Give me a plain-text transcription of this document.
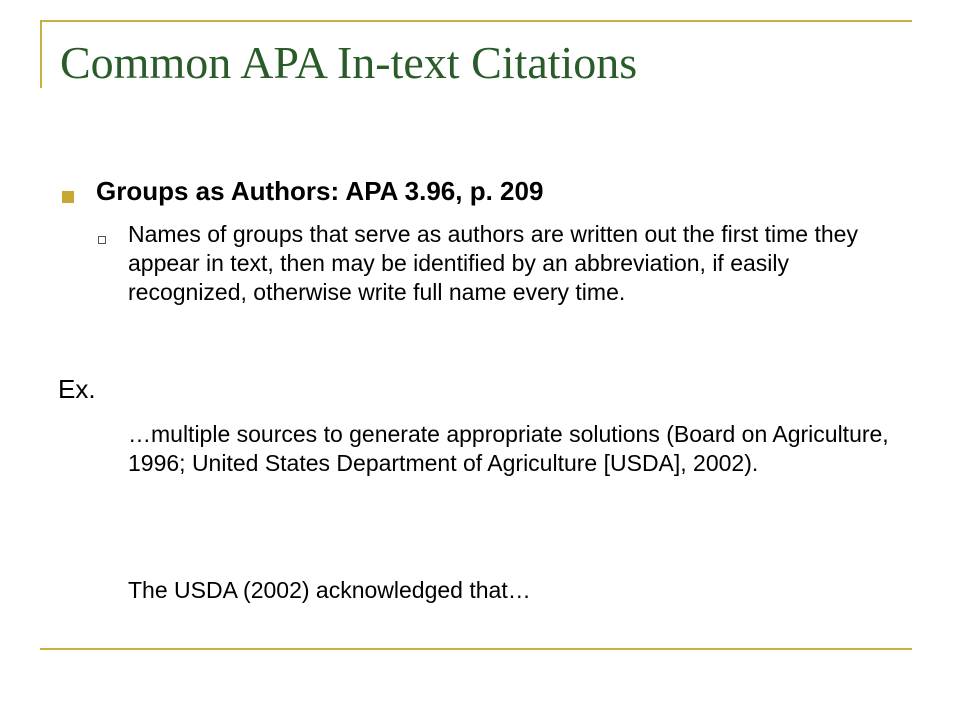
Common APA In-text Citations

Groups as Authors: APA 3.96, p. 209

Names of groups that serve as authors are written out the first time they appear in text, then may be identified by an abbreviation, if easily recognized, otherwise write full name every time.

Ex.

…multiple sources to generate appropriate solutions (Board on Agriculture, 1996; United States Department of Agriculture [USDA], 2002).

The USDA (2002) acknowledged that…
